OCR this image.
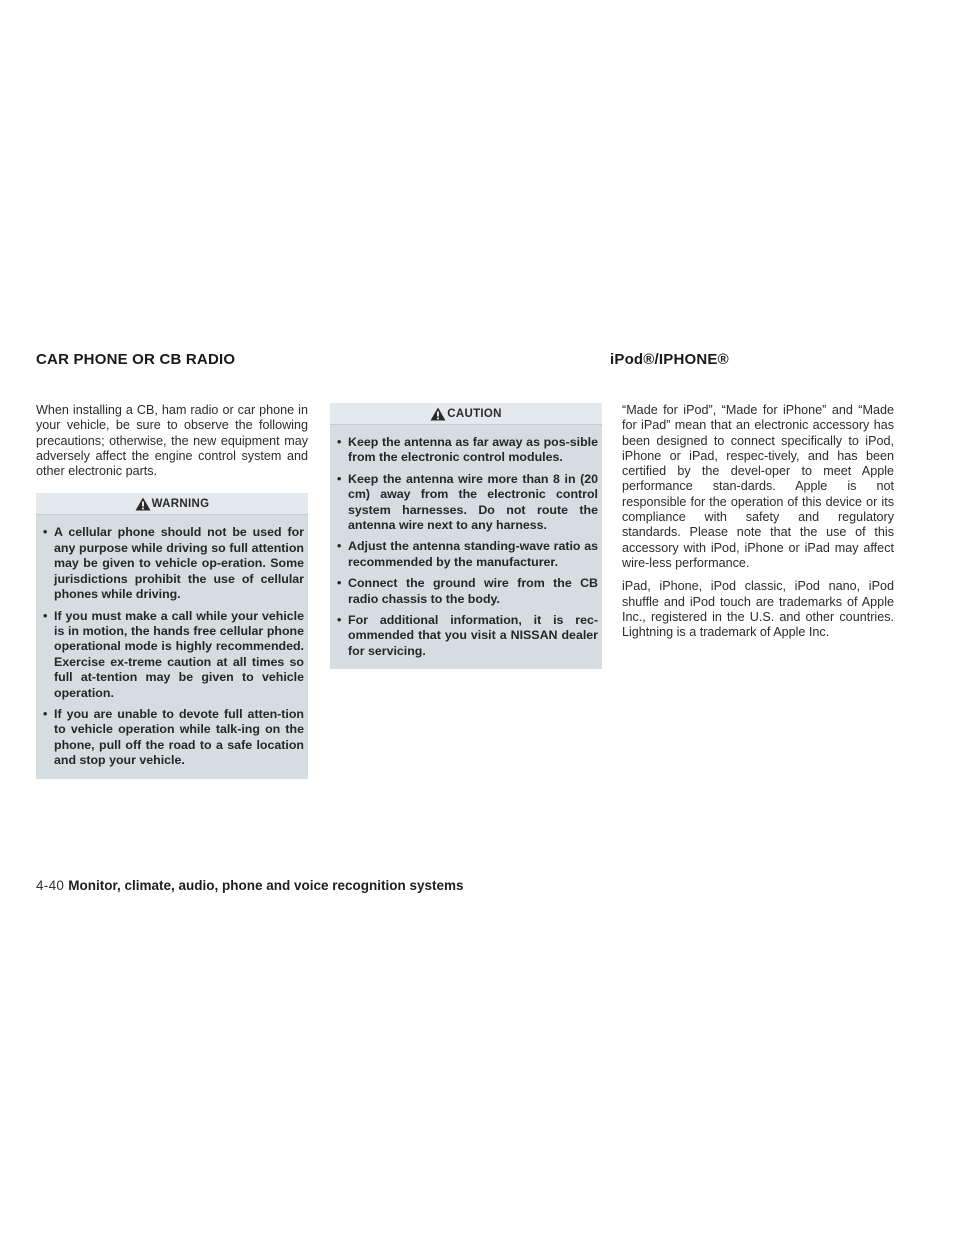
CAR PHONE OR CB RADIO	iPod®/IPHONE®

When installing a CB, ham radio or car phone in your vehicle, be sure to observe the following precautions; otherwise, the new equipment may adversely affect the engine control system and other electronic parts.

WARNING
• A cellular phone should not be used for any purpose while driving so full attention may be given to vehicle op-eration. Some jurisdictions prohibit the use of cellular phones while driving.
• If you must make a call while your vehicle is in motion, the hands free cellular phone operational mode is highly recommended. Exercise ex-treme caution at all times so full at-tention may be given to vehicle operation.
• If you are unable to devote full atten-tion to vehicle operation while talk-ing on the phone, pull off the road to a safe location and stop your vehicle.
CAUTION
• Keep the antenna as far away as pos-sible from the electronic control modules.
• Keep the antenna wire more than 8 in (20 cm) away from the electronic control system harnesses. Do not route the antenna wire next to any harness.
• Adjust the antenna standing-wave ratio as recommended by the manufacturer.
• Connect the ground wire from the CB radio chassis to the body.
• For additional information, it is rec-ommended that you visit a NISSAN dealer for servicing.

“Made for iPod”, “Made for iPhone” and “Made for iPad” mean that an electronic accessory has been designed to connect specifically to iPod, iPhone or iPad, respec-tively, and has been certified by the devel-oper to meet Apple performance stan-dards. Apple is not responsible for the operation of this device or its compliance with safety and regulatory standards. Please note that the use of this accessory with iPod, iPhone or iPad may affect wire-less performance.

iPad, iPhone, iPod classic, iPod nano, iPod shuffle and iPod touch are trademarks of Apple Inc., registered in the U.S. and other countries. Lightning is a trademark of Apple Inc.

4-40 Monitor, climate, audio, phone and voice recognition systems
